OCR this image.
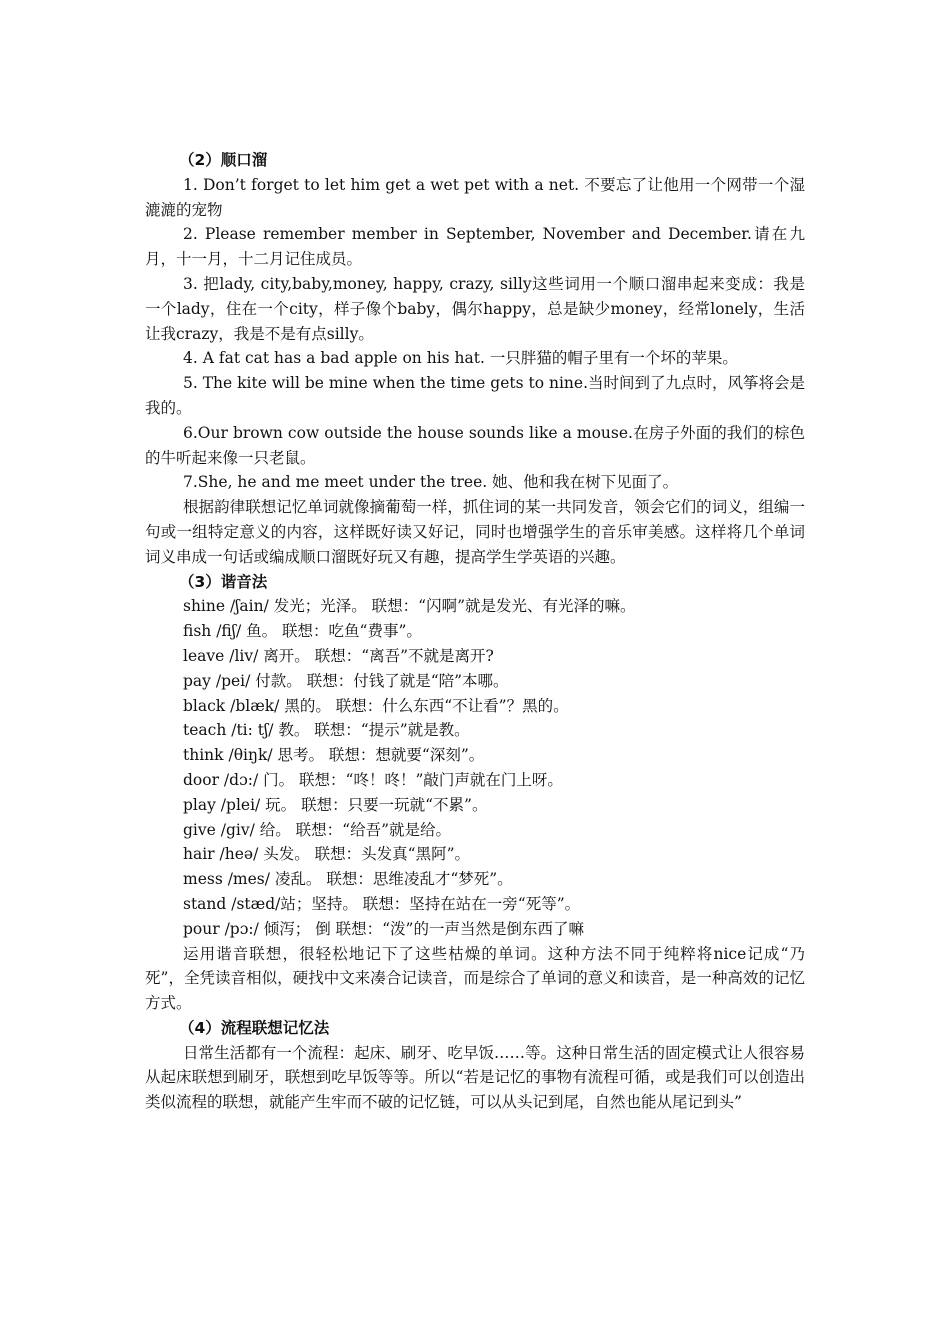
（2）顺口溜

1. Don’t forget to let him get a wet pet with a net. 不要忘了让他用一个网带一个湿漉漉的宠物

2. Please remember member in September, November and December.请在九月，十一月，十二月记住成员。

3. 把lady, city,baby,money, happy, crazy, silly这些词用一个顺口溜串起来变成：我是一个lady，住在一个city，样子像个baby，偶尔happy，总是缺少money，经常lonely，生活让我crazy，我是不是有点silly。

4. A fat cat has a bad apple on his hat. 一只胖猫的帽子里有一个坏的苹果。

5. The kite will be mine when the time gets to nine.当时间到了九点时，风筝将会是我的。

6.Our brown cow outside the house sounds like a mouse.在房子外面的我们的棕色的牛听起来像一只老鼠。

7.She, he and me meet under the tree. 她、他和我在树下见面了。

根据韵律联想记忆单词就像摘葡萄一样，抓住词的某一共同发音，领会它们的词义，组编一句或一组特定意义的内容，这样既好读又好记，同时也增强学生的音乐审美感。这样将几个单词词义串成一句话或编成顺口溜既好玩又有趣，提高学生学英语的兴趣。

（3）谐音法

shine /ʃain/ 发光；光泽。 联想：“闪啊”就是发光、有光泽的嘛。

fish /fiʃ/ 鱼。 联想：吃鱼“费事”。

leave /liv/ 离开。 联想：“离吾”不就是离开?

pay /pei/ 付款。 联想：付钱了就是“陪”本哪。

black /blæk/ 黑的。 联想：什么东西“不让看”？黑的。

teach /ti: tʃ/ 教。 联想：“提示”就是教。

think /θiŋk/ 思考。 联想：想就要“深刻”。

door /dɔ:/ 门。 联想：“咚！咚！”敲门声就在门上呀。

play /plei/ 玩。 联想：只要一玩就“不累”。

give /giv/ 给。 联想：“给吾”就是给。

hair /heə/ 头发。 联想：头发真“黑阿”。

mess /mes/ 凌乱。 联想：思维凌乱才“梦死”。

stand /stæd/站；坚持。 联想：坚持在站在一旁“死等”。

pour /pɔ:/ 倾泻； 倒 联想：“泼”的一声当然是倒东西了嘛

运用谐音联想，很轻松地记下了这些枯燥的单词。这种方法不同于纯粹将nice记成“乃死”，全凭读音相似，硬找中文来凑合记读音，而是综合了单词的意义和读音，是一种高效的记忆方式。

（4）流程联想记忆法

日常生活都有一个流程：起床、刷牙、吃早饭……等。这种日常生活的固定模式让人很容易从起床联想到刷牙，联想到吃早饭等等。所以“若是记忆的事物有流程可循，或是我们可以创造出类似流程的联想，就能产生牢而不破的记忆链，可以从头记到尾，自然也能从尾记到头”
